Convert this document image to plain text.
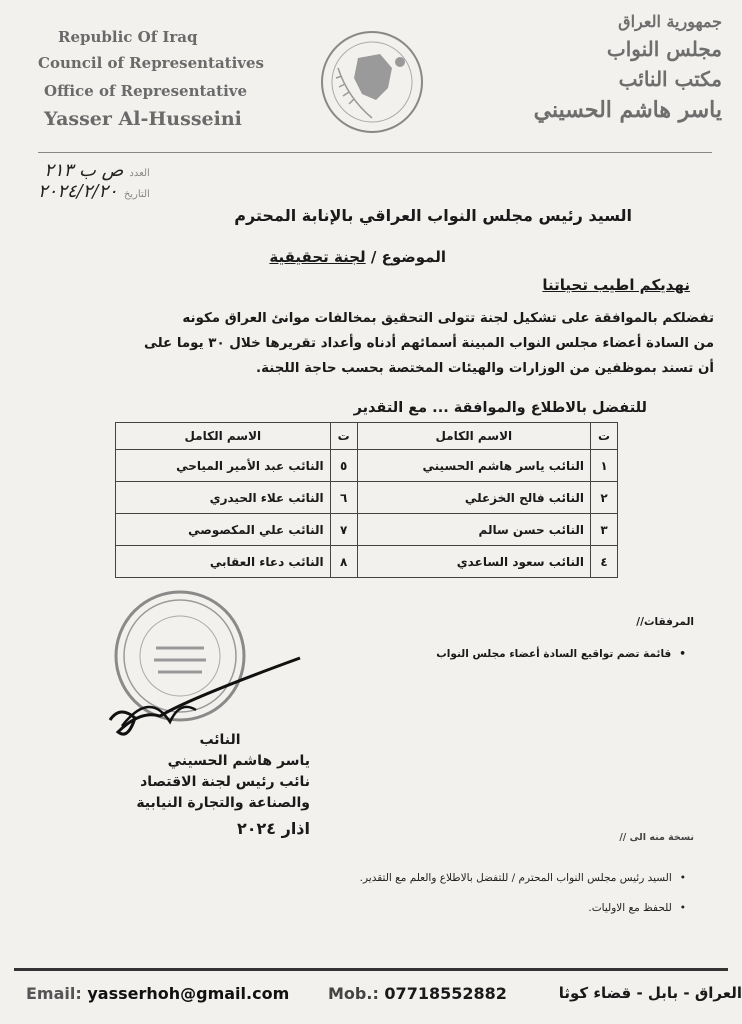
Republic Of Iraq
Council of Representatives
Office of Representative
Yasser Al-Husseini
جمهورية العراق
مجلس النواب
مكتب النائب
ياسر هاشم الحسيني
العدد
ص ب ٢١٣
التاريخ
٢٠٢٤/٢/٢٠
السيد رئيس مجلس النواب العراقي بالإنابة المحترم
الموضوع / لجنة تحقيقية
نهديكم اطيب تحياتنا
تفضلكم بالموافقة على تشكيل لجنة تتولى التحقيق بمخالفات موانئ العراق مكونه
من السادة أعضاء مجلس النواب المبينة أسمائهم أدناه وأعداد تقريرها خلال ٣٠ يوما على
أن تسند بموظفين من الوزارات والهيئات المختصة بحسب حاجة اللجنة.
للتفضل بالاطلاع والموافقة ... مع التقدير
ت	الاسم الكامل	ت	الاسم الكامل
١	النائب ياسر هاشم الحسيني	٥	النائب عبد الأمير المياحي
٢	النائب فالح الخزعلي	٦	النائب علاء الحيدري
٣	النائب حسن سالم	٧	النائب علي المكصوصي
٤	النائب سعود الساعدي	٨	النائب دعاء العقابي
المرفقات//
• قائمة تضم تواقيع السادة أعضاء مجلس النواب
النائب
ياسر هاشم الحسيني
نائب رئيس لجنة الاقتصاد
والصناعة والتجارة النيابية
اذار ٢٠٢٤	نسخة منه الى //
• السيد رئيس مجلس النواب المحترم / للتفضل بالاطلاع والعلم مع التقدير.
• للحفظ مع الاوليات.
Email: yasserhoh@gmail.com Mob.: 07718552882	العراق - بابل - قضاء كوثا
